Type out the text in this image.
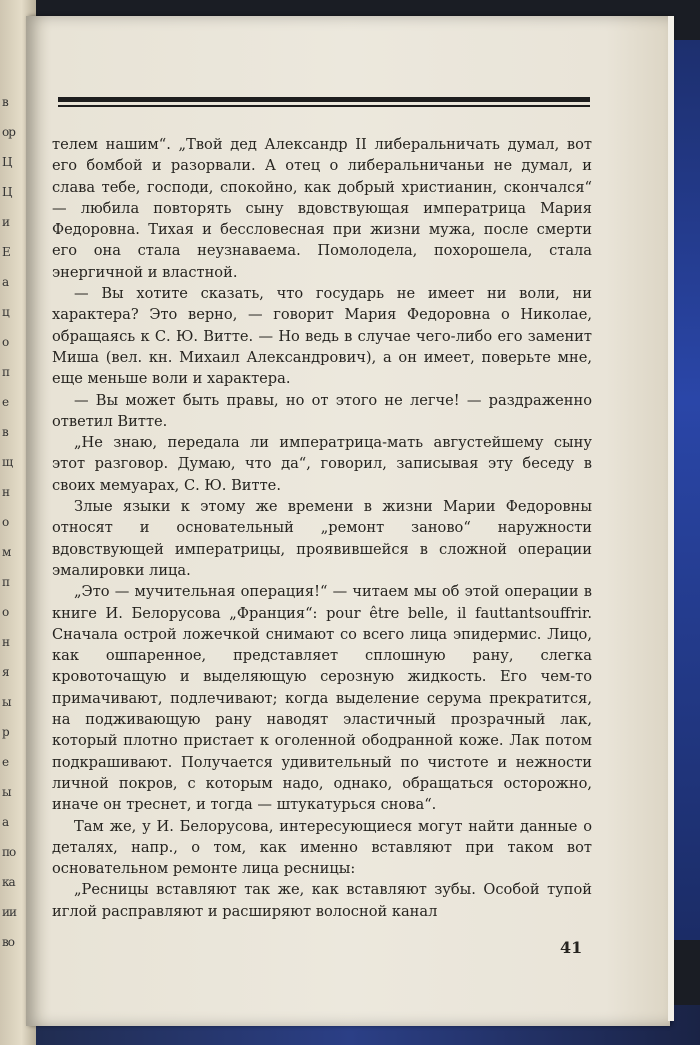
в
ор
Ц
Ц
и
Е
а
ц
о
п
е
в
щ
н
о
м
п
о
н
я
ы
р
е
ы
а
по
ка
ии
во

телем нашим“. „Твой дед Александр II либеральничать думал, вот его бомбой и разорвали. А отец о либеральничаньи не думал, и слава тебе, господи, спокойно, как добрый христианин, скончался“ — любила повторять сыну вдовствующая императрица Мария Федоровна. Тихая и бессловесная при жизни мужа, после смерти его она стала неузнаваема. Помолодела, похорошела, стала энергичной и властной.

— Вы хотите сказать, что государь не имеет ни воли, ни характера? Это верно, — говорит Мария Федоровна о Николае, обращаясь к С. Ю. Витте. — Но ведь в случае чего-либо его заменит Миша (вел. кн. Михаил Александрович), а он имеет, поверьте мне, еще меньше воли и характера.

— Вы может быть правы, но от этого не легче! — раздраженно ответил Витте.

„Не знаю, передала ли императрица-мать августейшему сыну этот разговор. Думаю, что да“, говорил, записывая эту беседу в своих мемуарах, С. Ю. Витте.

Злые языки к этому же времени в жизни Марии Федоровны относят и основательный „ремонт заново“ наружности вдовствующей императрицы, проявившейся в сложной операции эмалировки лица.

„Это — мучительная операция!“ — читаем мы об этой операции в книге И. Белорусова „Франция“: pour être belle, il fauttantsouffrir. Сначала острой ложечкой снимают со всего лица эпидермис. Лицо, как ошпаренное, представляет сплошную рану, слегка кровоточащую и выделяющую серозную жидкость. Его чем-то примачивают, подлечивают; когда выделение серума прекратится, на подживающую рану наводят эластичный прозрачный лак, который плотно пристает к оголенной ободранной коже. Лак потом подкрашивают. Получается удивительный по чистоте и нежности личной покров, с которым надо, однако, обращаться осторожно, иначе он треснет, и тогда — штукатурься снова“.

Там же, у И. Белорусова, интересующиеся могут найти данные о деталях, напр., о том, как именно вставляют при таком вот основательном ремонте лица ресницы:

„Ресницы вставляют так же, как вставляют зубы. Особой тупой иглой расправляют и расширяют волосной канал

41
